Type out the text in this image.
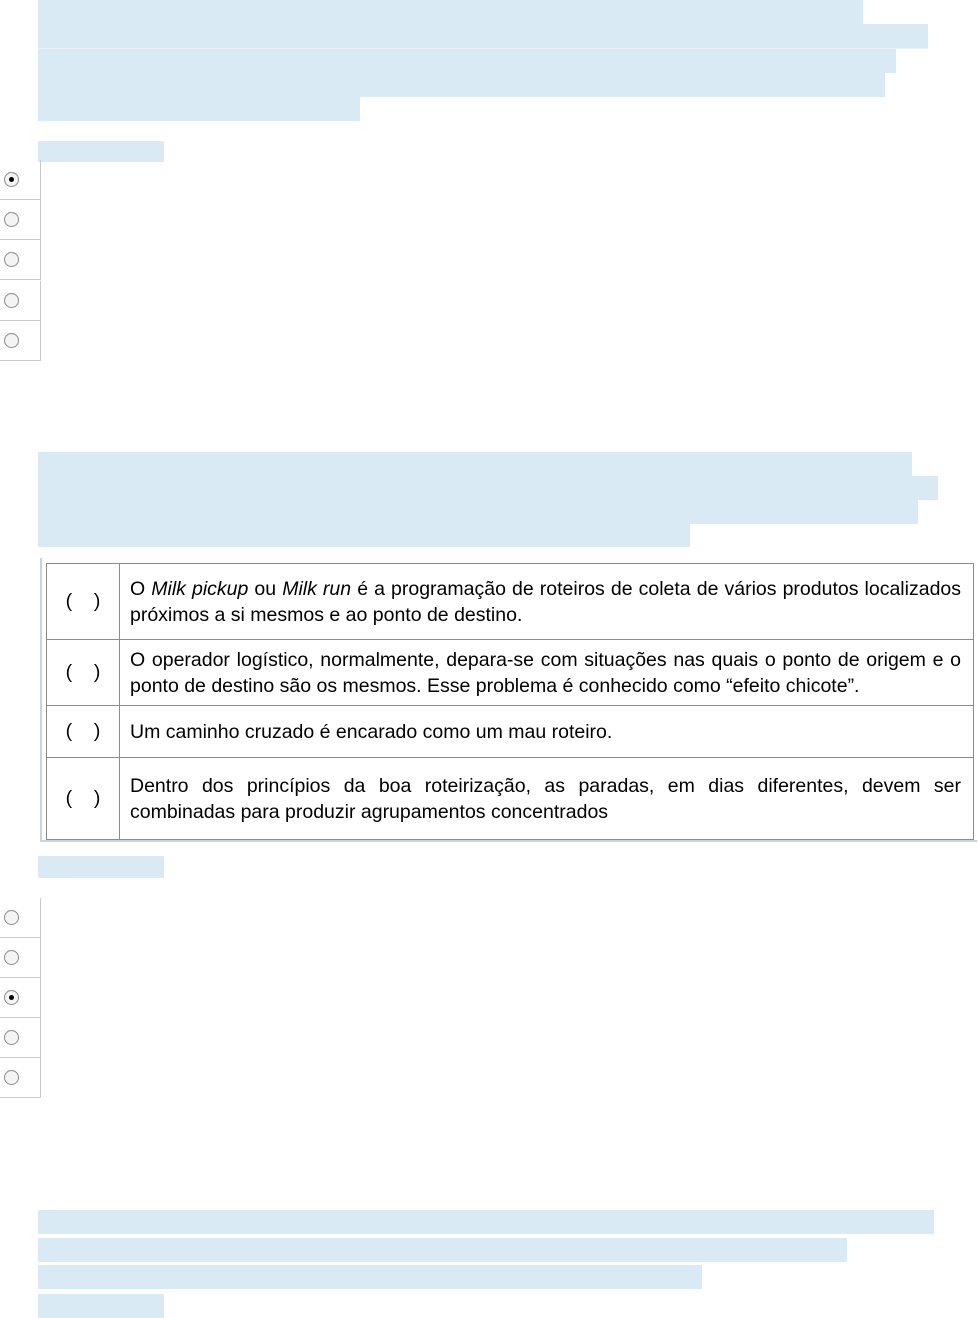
(    )	O Milk pickup ou Milk run é a programação de roteiros de coleta de vários produtos localizados próximos a si mesmos e ao ponto de destino.
(    )	O operador logístico, normalmente, depara-se com situações nas quais o ponto de origem e o ponto de destino são os mesmos. Esse problema é conhecido como “efeito chicote”.
(    )	Um caminho cruzado é encarado como um mau roteiro.
(    )	Dentro dos princípios da boa roteirização, as paradas, em dias diferentes, devem ser combinadas para produzir agrupamentos concentrados
